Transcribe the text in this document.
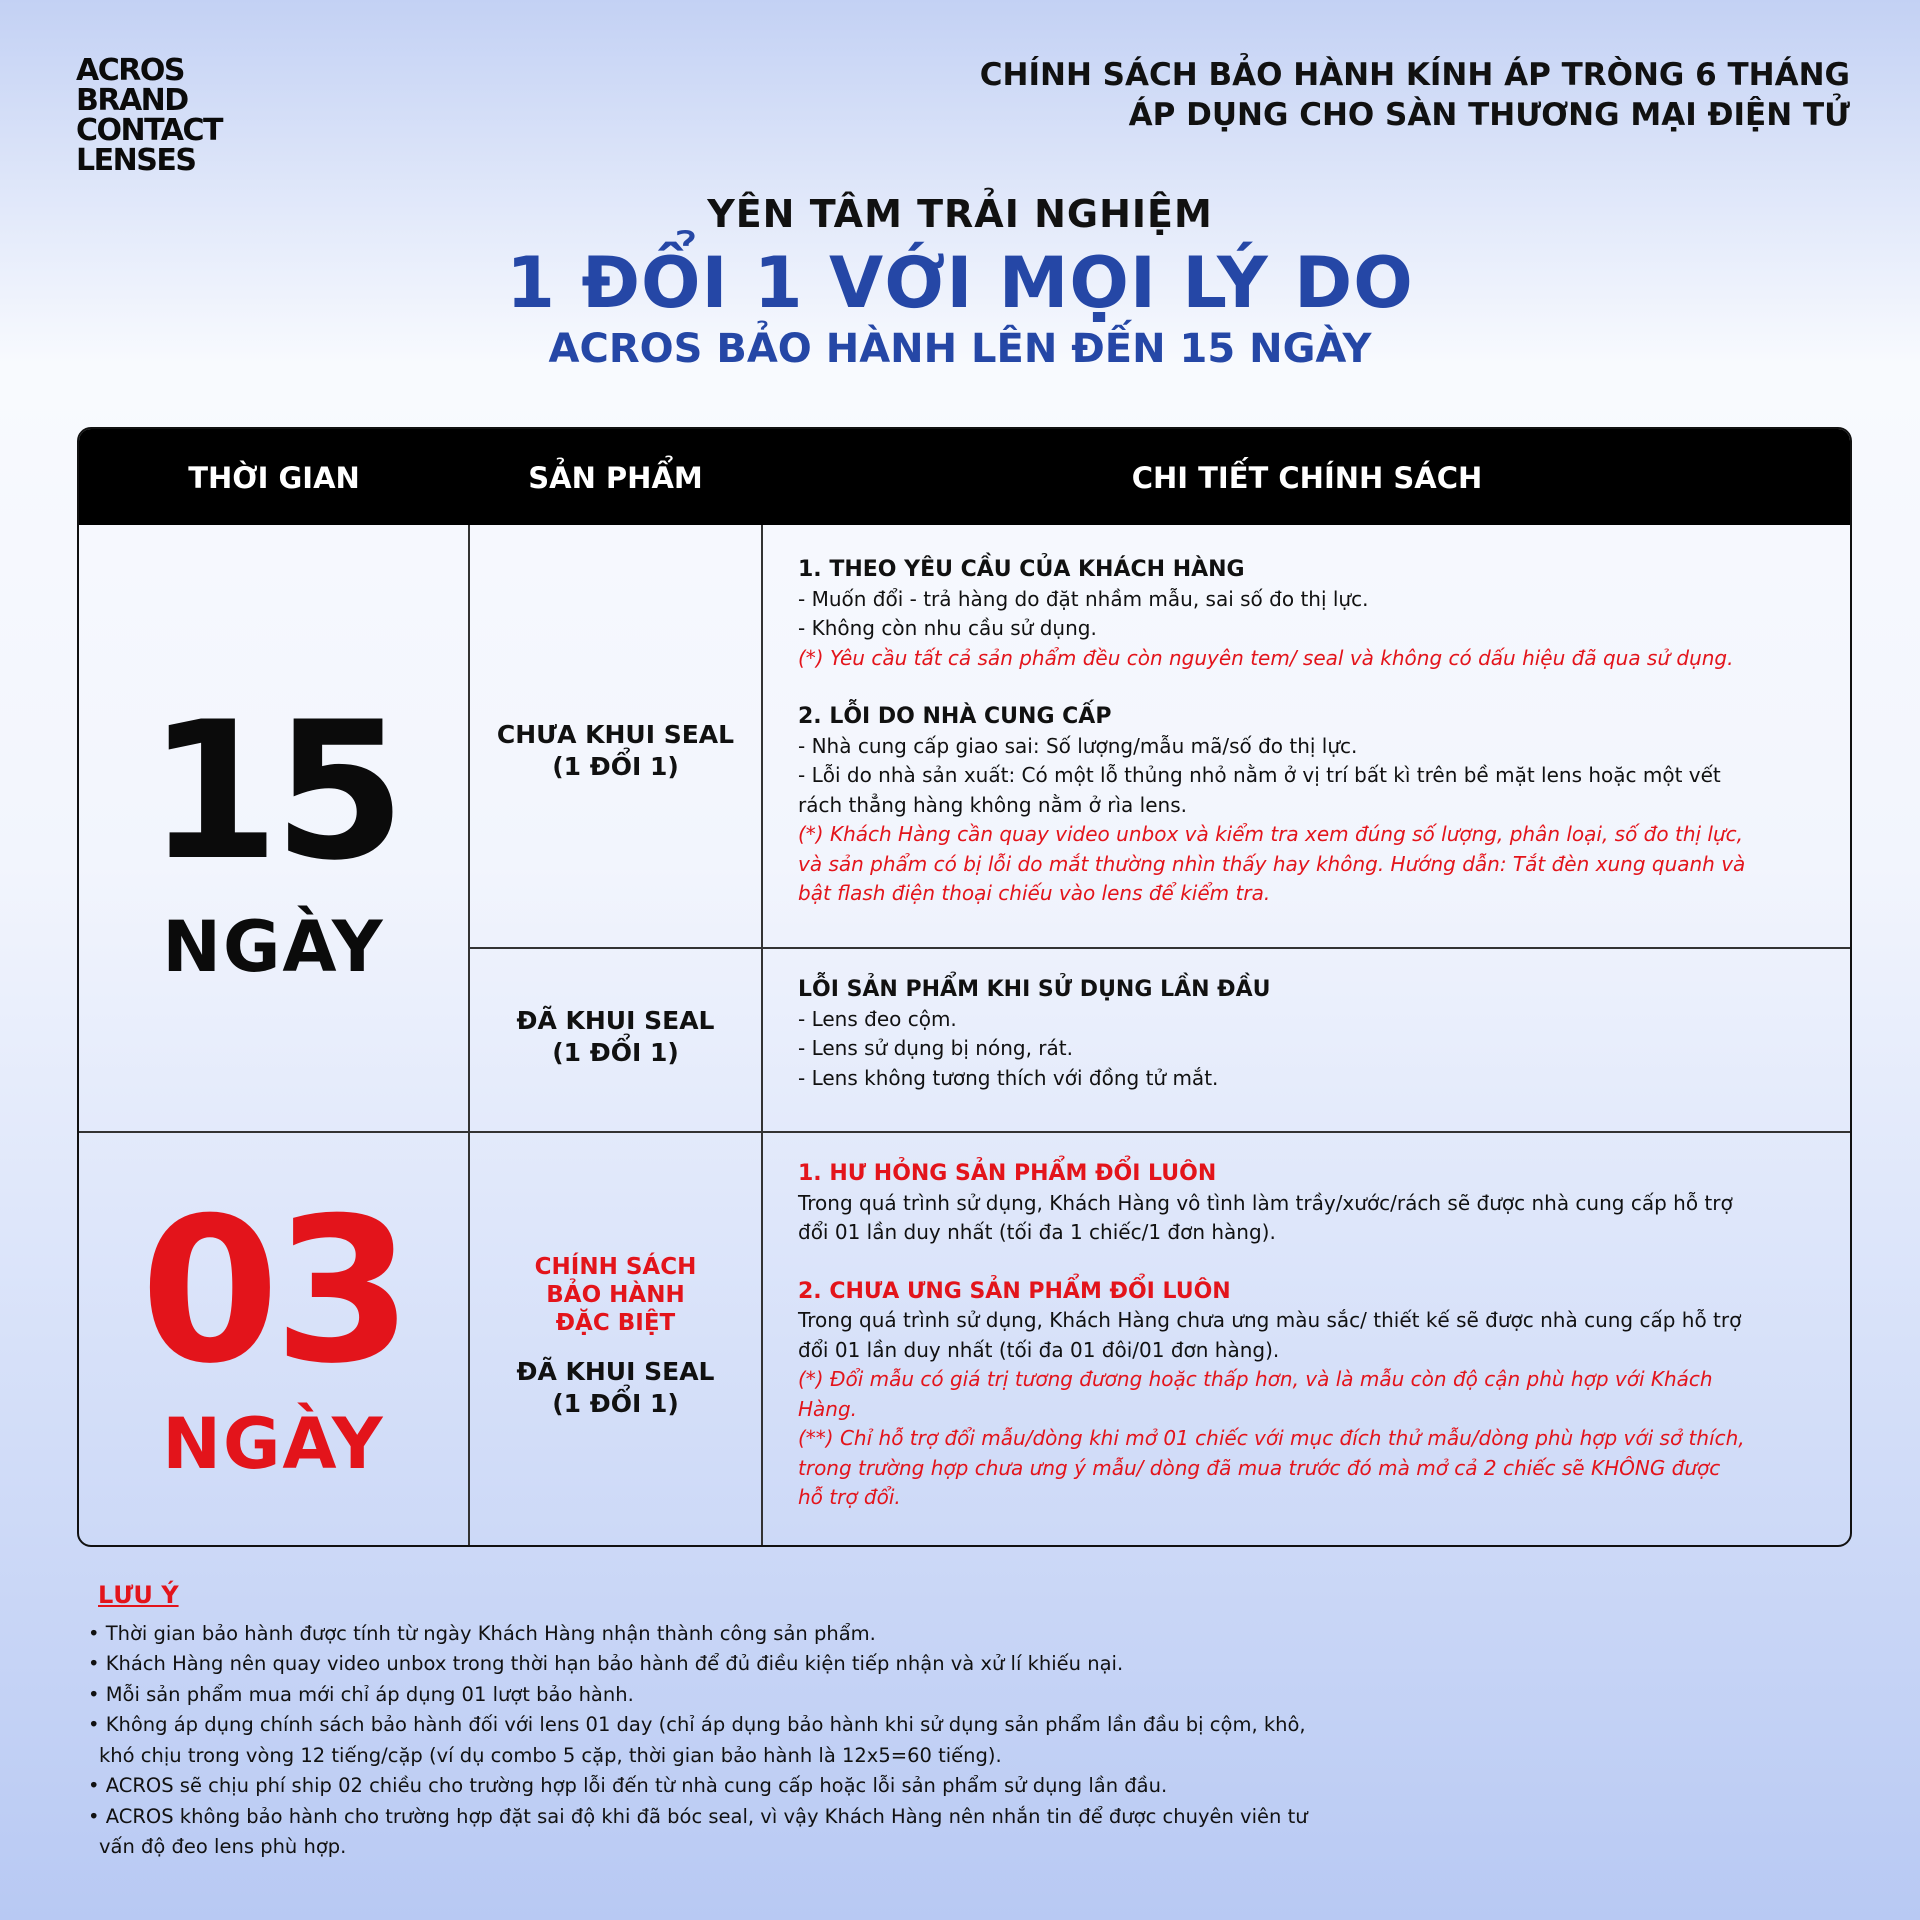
ACROS
BRAND
CONTACT
LENSES
CHÍNH SÁCH BẢO HÀNH KÍNH ÁP TRÒNG 6 THÁNG
ÁP DỤNG CHO SÀN THƯƠNG MẠI ĐIỆN TỬ
YÊN TÂM TRẢI NGHIỆM
1 ĐỔI 1 VỚI MỌI LÝ DO
ACROS BẢO HÀNH LÊN ĐẾN 15 NGÀY
THỜI GIAN	SẢN PHẨM	CHI TIẾT CHÍNH SÁCH
15
NGÀY
CHƯA KHUI SEAL
(1 ĐỔI 1)
1. THEO YÊU CẦU CỦA KHÁCH HÀNG
- Muốn đổi - trả hàng do đặt nhầm mẫu, sai số đo thị lực.
- Không còn nhu cầu sử dụng.
(*) Yêu cầu tất cả sản phẩm đều còn nguyên tem/ seal và không có dấu hiệu đã qua sử dụng.
2. LỖI DO NHÀ CUNG CẤP
- Nhà cung cấp giao sai: Số lượng/mẫu mã/số đo thị lực.
- Lỗi do nhà sản xuất: Có một lỗ thủng nhỏ nằm ở vị trí bất kì trên bề mặt lens hoặc một vết
rách thẳng hàng không nằm ở rìa lens.
(*) Khách Hàng cần quay video unbox và kiểm tra xem đúng số lượng, phân loại, số đo thị lực,
và sản phẩm có bị lỗi do mắt thường nhìn thấy hay không. Hướng dẫn: Tắt đèn xung quanh và
bật flash điện thoại chiếu vào lens để kiểm tra.
ĐÃ KHUI SEAL
(1 ĐỔI 1)
LỖI SẢN PHẨM KHI SỬ DỤNG LẦN ĐẦU
- Lens đeo cộm.
- Lens sử dụng bị nóng, rát.
- Lens không tương thích với đồng tử mắt.
03
NGÀY
CHÍNH SÁCH
BẢO HÀNH
ĐẶC BIỆT
ĐÃ KHUI SEAL
(1 ĐỔI 1)
1. HƯ HỎNG SẢN PHẨM ĐỔI LUÔN
Trong quá trình sử dụng, Khách Hàng vô tình làm trầy/xước/rách sẽ được nhà cung cấp hỗ trợ
đổi 01 lần duy nhất (tối đa 1 chiếc/1 đơn hàng).
2. CHƯA ƯNG SẢN PHẨM ĐỔI LUÔN
Trong quá trình sử dụng, Khách Hàng chưa ưng màu sắc/ thiết kế sẽ được nhà cung cấp hỗ trợ
đổi 01 lần duy nhất (tối đa 01 đôi/01 đơn hàng).
(*) Đổi mẫu có giá trị tương đương hoặc thấp hơn, và là mẫu còn độ cận phù hợp với Khách
Hàng.
(**) Chỉ hỗ trợ đổi mẫu/dòng khi mở 01 chiếc với mục đích thử mẫu/dòng phù hợp với sở thích,
trong trường hợp chưa ưng ý mẫu/ dòng đã mua trước đó mà mở cả 2 chiếc sẽ KHÔNG được
hỗ trợ đổi.
LƯU Ý
• Thời gian bảo hành được tính từ ngày Khách Hàng nhận thành công sản phẩm.
• Khách Hàng nên quay video unbox trong thời hạn bảo hành để đủ điều kiện tiếp nhận và xử lí khiếu nại.
• Mỗi sản phẩm mua mới chỉ áp dụng 01 lượt bảo hành.
• Không áp dụng chính sách bảo hành đối với lens 01 day (chỉ áp dụng bảo hành khi sử dụng sản phẩm lần đầu bị cộm, khô,
khó chịu trong vòng 12 tiếng/cặp (ví dụ combo 5 cặp, thời gian bảo hành là 12x5=60 tiếng).
• ACROS sẽ chịu phí ship 02 chiều cho trường hợp lỗi đến từ nhà cung cấp hoặc lỗi sản phẩm sử dụng lần đầu.
• ACROS không bảo hành cho trường hợp đặt sai độ khi đã bóc seal, vì vậy Khách Hàng nên nhắn tin để được chuyên viên tư
vấn độ đeo lens phù hợp.
